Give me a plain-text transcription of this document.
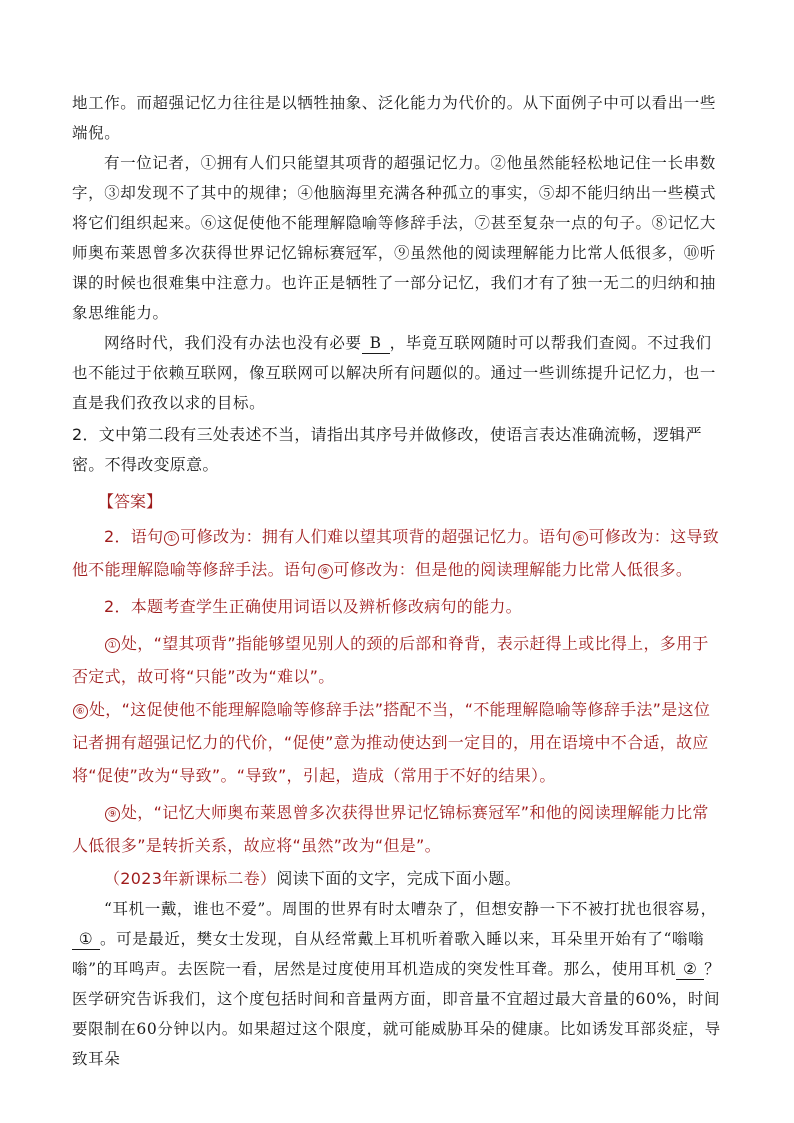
地工作。而超强记忆力往往是以牺牲抽象、泛化能力为代价的。从下面例子中可以看出一些端倪。

有一位记者，①拥有人们只能望其项背的超强记忆力。②他虽然能轻松地记住一长串数字，③却发现不了其中的规律；④他脑海里充满各种孤立的事实，⑤却不能归纳出一些模式将它们组织起来。⑥这促使他不能理解隐喻等修辞手法，⑦甚至复杂一点的句子。⑧记忆大师奥布莱恩曾多次获得世界记忆锦标赛冠军，⑨虽然他的阅读理解能力比常人低很多，⑩听课的时候也很难集中注意力。也许正是牺牲了一部分记忆，我们才有了独一无二的归纳和抽象思维能力。

网络时代，我们没有办法也没有必要 B ，毕竟互联网随时可以帮我们查阅。不过我们也不能过于依赖互联网，像互联网可以解决所有问题似的。通过一些训练提升记忆力，也一直是我们孜孜以求的目标。

2．文中第二段有三处表述不当，请指出其序号并做修改，使语言表达准确流畅，逻辑严密。不得改变原意。

【答案】

2．语句 ① 可修改为：拥有人们难以望其项背的超强记忆力。语句 ⑥ 可修改为：这导致他不能理解隐喻等修辞手法。语句 ⑨ 可修改为：但是他的阅读理解能力比常人低很多。

2．本题考查学生正确使用词语以及辨析修改病句的能力。

① 处，“望其项背”指能够望见别人的颈的后部和脊背，表示赶得上或比得上，多用于否定式，故可将“只能”改为“难以”。

⑥ 处，“这促使他不能理解隐喻等修辞手法”搭配不当，“不能理解隐喻等修辞手法”是这位记者拥有超强记忆力的代价，“促使”意为推动使达到一定目的，用在语境中不合适，故应将“促使”改为“导致”。“导致”，引起，造成（常用于不好的结果）。

⑨ 处，“记忆大师奥布莱恩曾多次获得世界记忆锦标赛冠军”和他的阅读理解能力比常人低很多”是转折关系，故应将“虽然”改为“但是”。

（2023年新课标二卷）阅读下面的文字，完成下面小题。

“耳机一戴，谁也不爱”。周围的世界有时太嘈杂了，但想安静一下不被打扰也很容易，① 。可是最近，樊女士发现，自从经常戴上耳机听着歌入睡以来，耳朵里开始有了“嗡嗡嗡”的耳鸣声。去医院一看，居然是过度使用耳机造成的突发性耳聋。那么，使用耳机 ② ？医学研究告诉我们，这个度包括时间和音量两方面，即音量不宜超过最大音量的60%，时间要限制在60分钟以内。如果超过这个限度，就可能威胁耳朵的健康。比如诱发耳部炎症，导致耳朵
